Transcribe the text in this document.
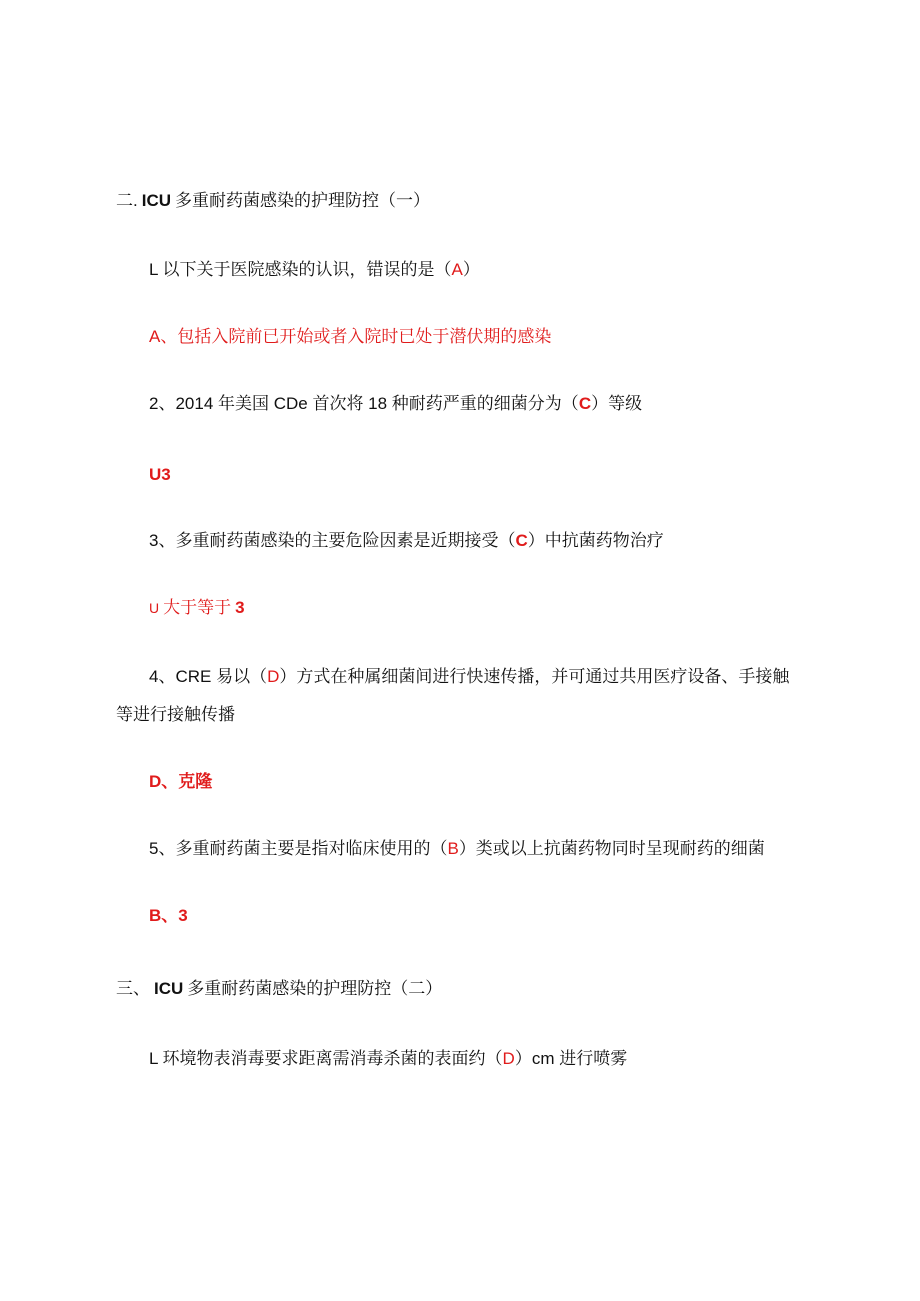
二. ICU 多重耐药菌感染的护理防控（一）
L 以下关于医院感染的认识，错误的是（A）
A、包括入院前已开始或者入院时已处于潜伏期的感染
2、2014 年美国 CDe 首次将 18 种耐药严重的细菌分为（C）等级
U3
3、多重耐药菌感染的主要危险因素是近期接受（C）中抗菌药物治疗
U 大于等于 3
4、CRE 易以（D）方式在种属细菌间进行快速传播，并可通过共用医疗设备、手接触
等进行接触传播
D、克隆
5、多重耐药菌主要是指对临床使用的（B）类或以上抗菌药物同时呈现耐药的细菌
B、3
三、 ICU 多重耐药菌感染的护理防控（二）
L 环境物表消毒要求距离需消毒杀菌的表面约（D）cm 进行喷雾
